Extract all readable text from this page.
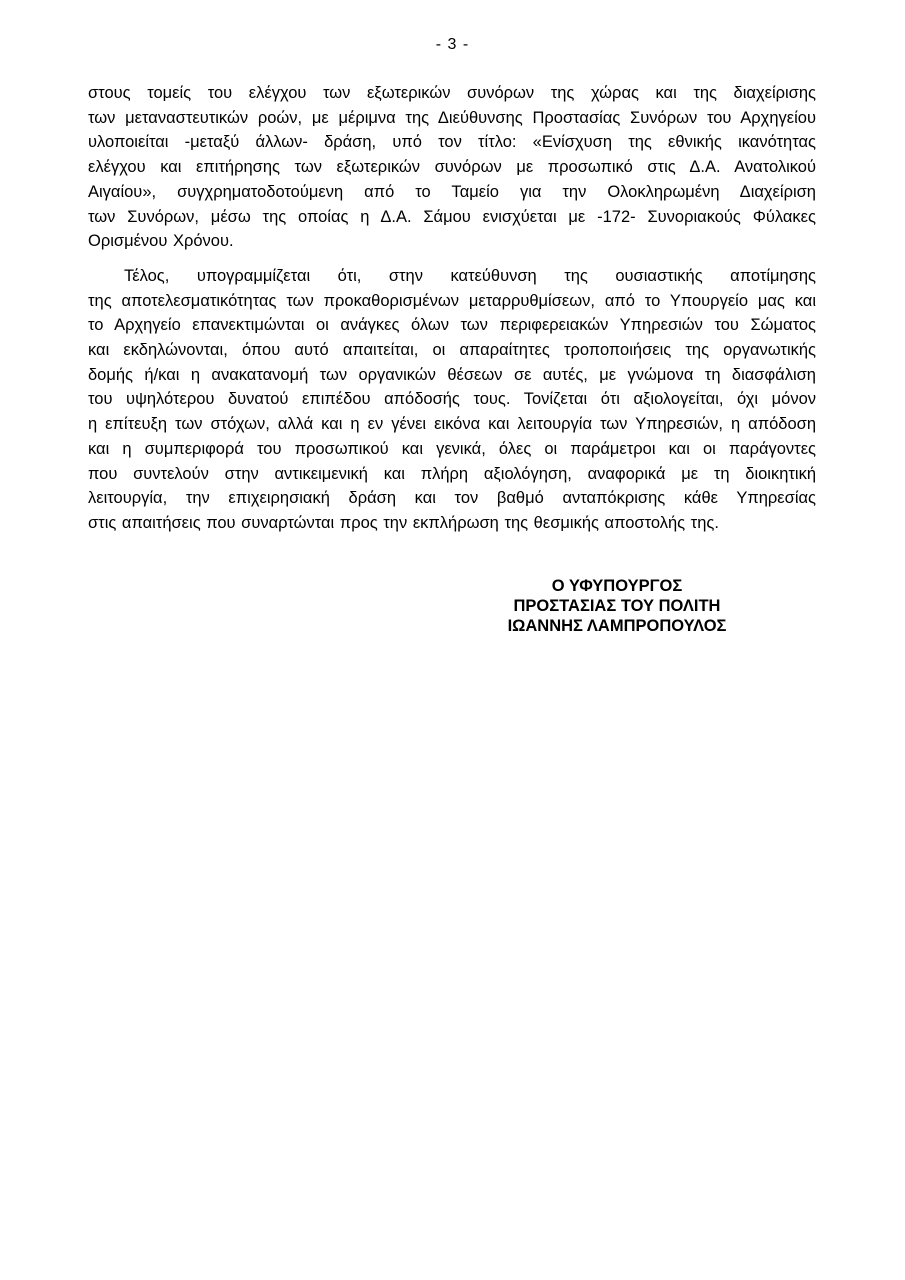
- 3 -
στους τομείς του ελέγχου των εξωτερικών συνόρων της χώρας και της διαχείρισης
των μεταναστευτικών ροών, με μέριμνα της Διεύθυνσης Προστασίας Συνόρων του Αρχηγείου
υλοποιείται -μεταξύ άλλων- δράση, υπό τον τίτλο: «Ενίσχυση της εθνικής ικανότητας
ελέγχου και επιτήρησης των εξωτερικών συνόρων με προσωπικό στις Δ.Α. Ανατολικού
Αιγαίου», συγχρηματοδοτούμενη από το Ταμείο για την Ολοκληρωμένη Διαχείριση
των Συνόρων, μέσω της οποίας η Δ.Α. Σάμου ενισχύεται με -172- Συνοριακούς Φύλακες
Ορισμένου Χρόνου.
Τέλος, υπογραμμίζεται ότι, στην κατεύθυνση της ουσιαστικής αποτίμησης
της αποτελεσματικότητας των προκαθορισμένων μεταρρυθμίσεων, από το Υπουργείο μας και
το Αρχηγείο επανεκτιμώνται οι ανάγκες όλων των περιφερειακών Υπηρεσιών του Σώματος
και εκδηλώνονται, όπου αυτό απαιτείται, οι απαραίτητες τροποποιήσεις της οργανωτικής
δομής ή/και η ανακατανομή των οργανικών θέσεων σε αυτές, με γνώμονα τη διασφάλιση
του υψηλότερου δυνατού επιπέδου απόδοσής τους. Τονίζεται ότι αξιολογείται, όχι μόνον
η επίτευξη των στόχων, αλλά και η εν γένει εικόνα και λειτουργία των Υπηρεσιών, η απόδοση
και η συμπεριφορά του προσωπικού και γενικά, όλες οι παράμετροι και οι παράγοντες
που συντελούν στην αντικειμενική και πλήρη αξιολόγηση, αναφορικά με τη διοικητική
λειτουργία, την επιχειρησιακή δράση και τον βαθμό ανταπόκρισης κάθε Υπηρεσίας
στις απαιτήσεις που συναρτώνται προς την εκπλήρωση της θεσμικής αποστολής της.
Ο ΥΦΥΠΟΥΡΓΟΣ
ΠΡΟΣΤΑΣΙΑΣ ΤΟΥ ΠΟΛΙΤΗ
ΙΩΑΝΝΗΣ ΛΑΜΠΡΟΠΟΥΛΟΣ
